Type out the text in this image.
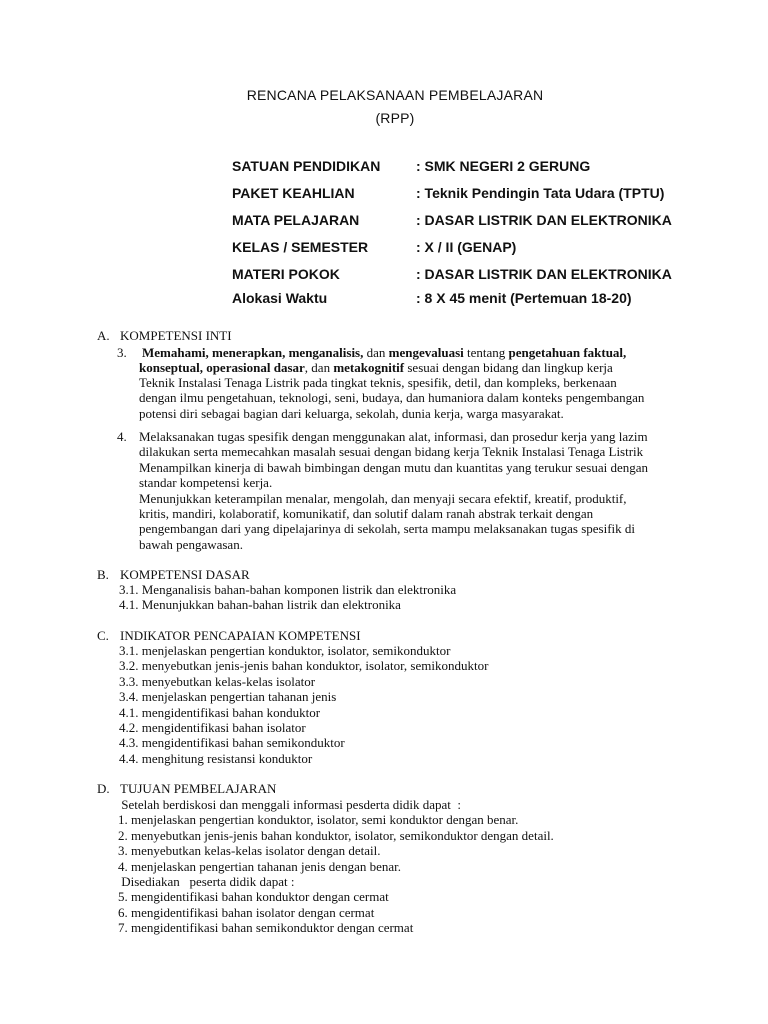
RENCANA PELAKSANAAN PEMBELAJARAN
(RPP)
SATUAN PENDIDIKAN	: SMK NEGERI 2 GERUNG
PAKET KEAHLIAN	: Teknik Pendingin Tata Udara (TPTU)
MATA PELAJARAN	: DASAR LISTRIK DAN ELEKTRONIKA
KELAS / SEMESTER	: X / II (GENAP)
MATERI POKOK	: DASAR LISTRIK DAN ELEKTRONIKA
Alokasi Waktu	: 8 X 45 menit (Pertemuan 18-20)
A. KOMPETENSI INTI
3. Memahami, menerapkan, menganalisis, dan mengevaluasi tentang pengetahuan faktual,
konseptual, operasional dasar, dan metakognitif sesuai dengan bidang dan lingkup kerja
Teknik Instalasi Tenaga Listrik pada tingkat teknis, spesifik, detil, dan kompleks, berkenaan
dengan ilmu pengetahuan, teknologi, seni, budaya, dan humaniora dalam konteks pengembangan
potensi diri sebagai bagian dari keluarga, sekolah, dunia kerja, warga masyarakat.
4. Melaksanakan tugas spesifik dengan menggunakan alat, informasi, dan prosedur kerja yang lazim
dilakukan serta memecahkan masalah sesuai dengan bidang kerja Teknik Instalasi Tenaga Listrik
Menampilkan kinerja di bawah bimbingan dengan mutu dan kuantitas yang terukur sesuai dengan
standar kompetensi kerja.
Menunjukkan keterampilan menalar, mengolah, dan menyaji secara efektif, kreatif, produktif,
kritis, mandiri, kolaboratif, komunikatif, dan solutif dalam ranah abstrak terkait dengan
pengembangan dari yang dipelajarinya di sekolah, serta mampu melaksanakan tugas spesifik di
bawah pengawasan.
B. KOMPETENSI DASAR
3.1. Menganalisis bahan-bahan komponen listrik dan elektronika
4.1. Menunjukkan bahan-bahan listrik dan elektronika
C. INDIKATOR PENCAPAIAN KOMPETENSI
3.1. menjelaskan pengertian konduktor, isolator, semikonduktor
3.2. menyebutkan jenis-jenis bahan konduktor, isolator, semikonduktor
3.3. menyebutkan kelas-kelas isolator
3.4. menjelaskan pengertian tahanan jenis
4.1. mengidentifikasi bahan konduktor
4.2. mengidentifikasi bahan isolator
4.3. mengidentifikasi bahan semikonduktor
4.4. menghitung resistansi konduktor
D. TUJUAN PEMBELAJARAN
Setelah berdiskosi dan menggali informasi pesderta didik dapat  :
1. menjelaskan pengertian konduktor, isolator, semi konduktor dengan benar.
2. menyebutkan jenis-jenis bahan konduktor, isolator, semikonduktor dengan detail.
3. menyebutkan kelas-kelas isolator dengan detail.
4. menjelaskan pengertian tahanan jenis dengan benar.
Disediakan   peserta didik dapat :
5. mengidentifikasi bahan konduktor dengan cermat
6. mengidentifikasi bahan isolator dengan cermat
7. mengidentifikasi bahan semikonduktor dengan cermat
